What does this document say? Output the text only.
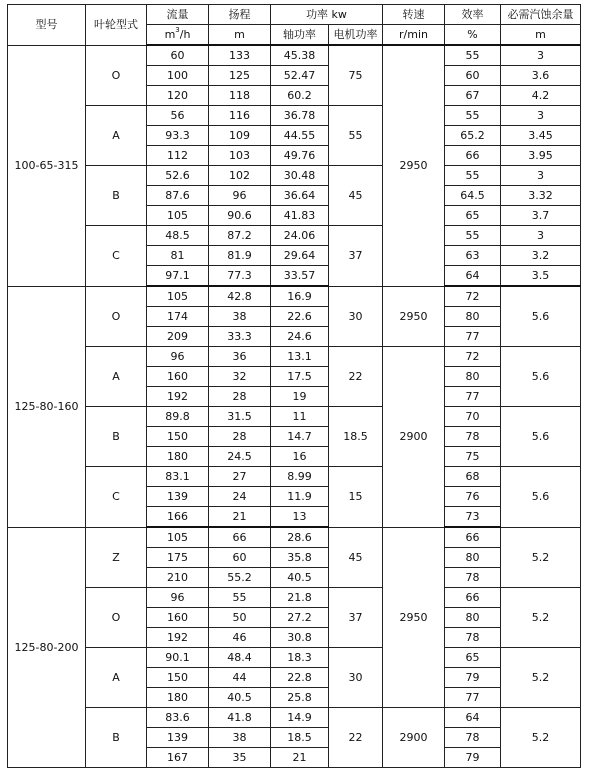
型号	叶轮型式	流量	扬程	功率 kw		转速	效率	必需汽蚀余量
		$m^3/h$	m	轴功率	电机功率	r/min	%	m
100-65-315	O	60	133	45.38	75	2950	55	3
		100	125	52.47			60	3.6
		120	118	60.2			67	4.2
	A	56	116	36.78	55		55	3
		93.3	109	44.55			65.2	3.45
		112	103	49.76			66	3.95
	B	52.6	102	30.48	45		55	3
		87.6	96	36.64			64.5	3.32
		105	90.6	41.83			65	3.7
	C	48.5	87.2	24.06	37		55	3
		81	81.9	29.64			63	3.2
		97.1	77.3	33.57			64	3.5
125-80-160	O	105	42.8	16.9	30	2950	72	5.6
		174	38	22.6			80	
		209	33.3	24.6			77	
	A	96	36	13.1	22	2900	72	5.6
		160	32	17.5			80	
		192	28	19			77	
	B	89.8	31.5	11	18.5		70	5.6
		150	28	14.7			78	
		180	24.5	16			75	
	C	83.1	27	8.99	15		68	5.6
		139	24	11.9			76	
		166	21	13			73	
125-80-200	Z	105	66	28.6	45	2950	66	5.2
		175	60	35.8			80	
		210	55.2	40.5			78	
	O	96	55	21.8	37		66	5.2
		160	50	27.2			80	
		192	46	30.8			78	
	A	90.1	48.4	18.3	30		65	5.2
		150	44	22.8			79	
		180	40.5	25.8			77	
	B	83.6	41.8	14.9	22	2900	64	5.2
		139	38	18.5			78	
		167	35	21			79	
